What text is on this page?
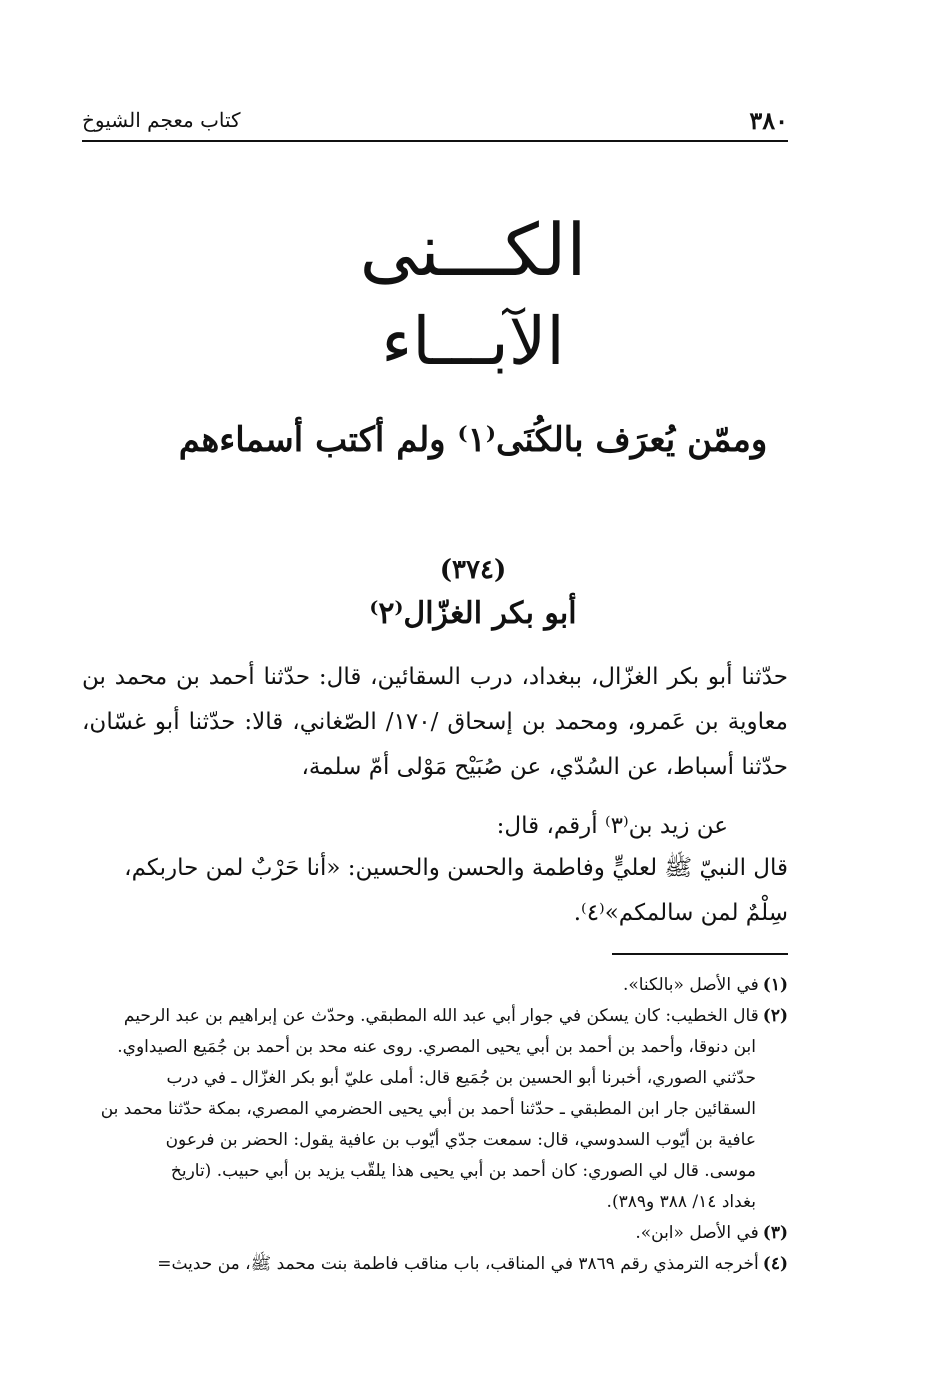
٣٨٠
كتاب معجم الشيوخ
الكـــنى
الآبـــاء
وممّن يُعرَف بالكُنَى⁽١⁾ ولم أكتب أسماءهم
(٣٧٤)
أبو بكر الغزّال⁽٢⁾

حدّثنا أبو بكر الغزّال، ببغداد، درب السقائين، قال: حدّثنا أحمد بن محمد بن معاوية بن عَمرو، ومحمد بن إسحاق /١٧٠/ الصّغاني، قالا: حدّثنا أبو غسّان، حدّثنا أسباط، عن السُدّي، عن صُبَيْح مَوْلى أمّ سلمة،

عن زيد بن⁽٣⁾ أرقم، قال:

قال النبيّ ﷺ لعليٍّ وفاطمة والحسن والحسين: «أنا حَرْبٌ لمن حاربكم، سِلْمٌ لمن سالمكم»⁽٤⁾.

(١)في الأصل «بالكنا».

(٢)قال الخطيب: كان يسكن في جوار أبي عبد الله المطبقي. وحدّث عن إبراهيم بن عبد الرحيم

ابن دنوقا، وأحمد بن أحمد بن أبي يحيى المصري. روى عنه محد بن أحمد بن جُمَيع الصيداوي.

حدّثني الصوري، أخبرنا أبو الحسين بن جُمَيع قال: أملى عليّ أبو بكر الغزّال ـ في درب

السقائين جار ابن المطبقي ـ حدّثنا أحمد بن أبي يحيى الحضرمي المصري، بمكة حدّثنا محمد بن

عافية بن أيّوب السدوسي، قال: سمعت جدّي أيّوب بن عافية يقول: الحضر بن فرعون

موسى. قال لي الصوري: كان أحمد بن أبي يحيى هذا يلقّب يزيد بن أبي حبيب. (تاريخ

بغداد ١٤/ ٣٨٨ و٣٨٩).

(٣)في الأصل «ابن».

(٤)أخرجه الترمذي رقم ٣٨٦٩ في المناقب، باب مناقب فاطمة بنت محمد ﷺ، من حديث=
